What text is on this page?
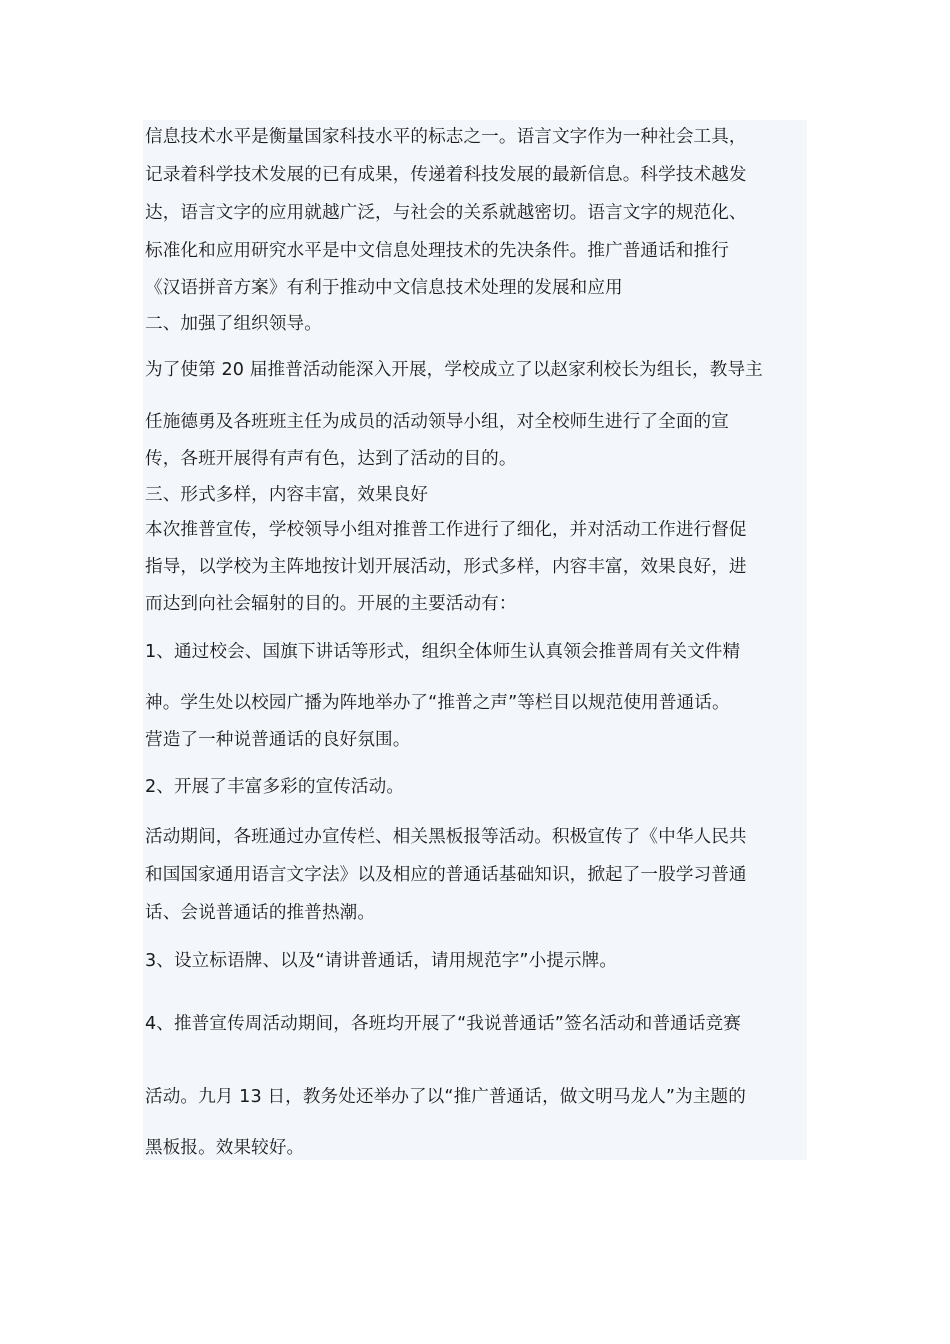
信息技术水平是衡量国家科技水平的标志之一。语言文字作为一种社会工具，
记录着科学技术发展的已有成果，传递着科技发展的最新信息。科学技术越发
达，语言文字的应用就越广泛，与社会的关系就越密切。语言文字的规范化、
标准化和应用研究水平是中文信息处理技术的先决条件。推广普通话和推行
《汉语拼音方案》有利于推动中文信息技术处理的发展和应用
二、加强了组织领导。
为了使第 20 届推普活动能深入开展，学校成立了以赵家利校长为组长，教导主
任施德勇及各班班主任为成员的活动领导小组，对全校师生进行了全面的宣
传，各班开展得有声有色，达到了活动的目的。
三、形式多样，内容丰富，效果良好
本次推普宣传，学校领导小组对推普工作进行了细化，并对活动工作进行督促
指导，以学校为主阵地按计划开展活动，形式多样，内容丰富，效果良好，进
而达到向社会辐射的目的。开展的主要活动有：
1、通过校会、国旗下讲话等形式，组织全体师生认真领会推普周有关文件精
神。学生处以校园广播为阵地举办了“推普之声”等栏目以规范使用普通话。
营造了一种说普通话的良好氛围。
2、开展了丰富多彩的宣传活动。
活动期间，各班通过办宣传栏、相关黑板报等活动。积极宣传了《中华人民共
和国国家通用语言文字法》以及相应的普通话基础知识，掀起了一股学习普通
话、会说普通话的推普热潮。
3、设立标语牌、以及“请讲普通话，请用规范字”小提示牌。
4、推普宣传周活动期间，各班均开展了“我说普通话”签名活动和普通话竞赛
活动。九月 13 日，教务处还举办了以“推广普通话，做文明马龙人”为主题的
黑板报。效果较好。
